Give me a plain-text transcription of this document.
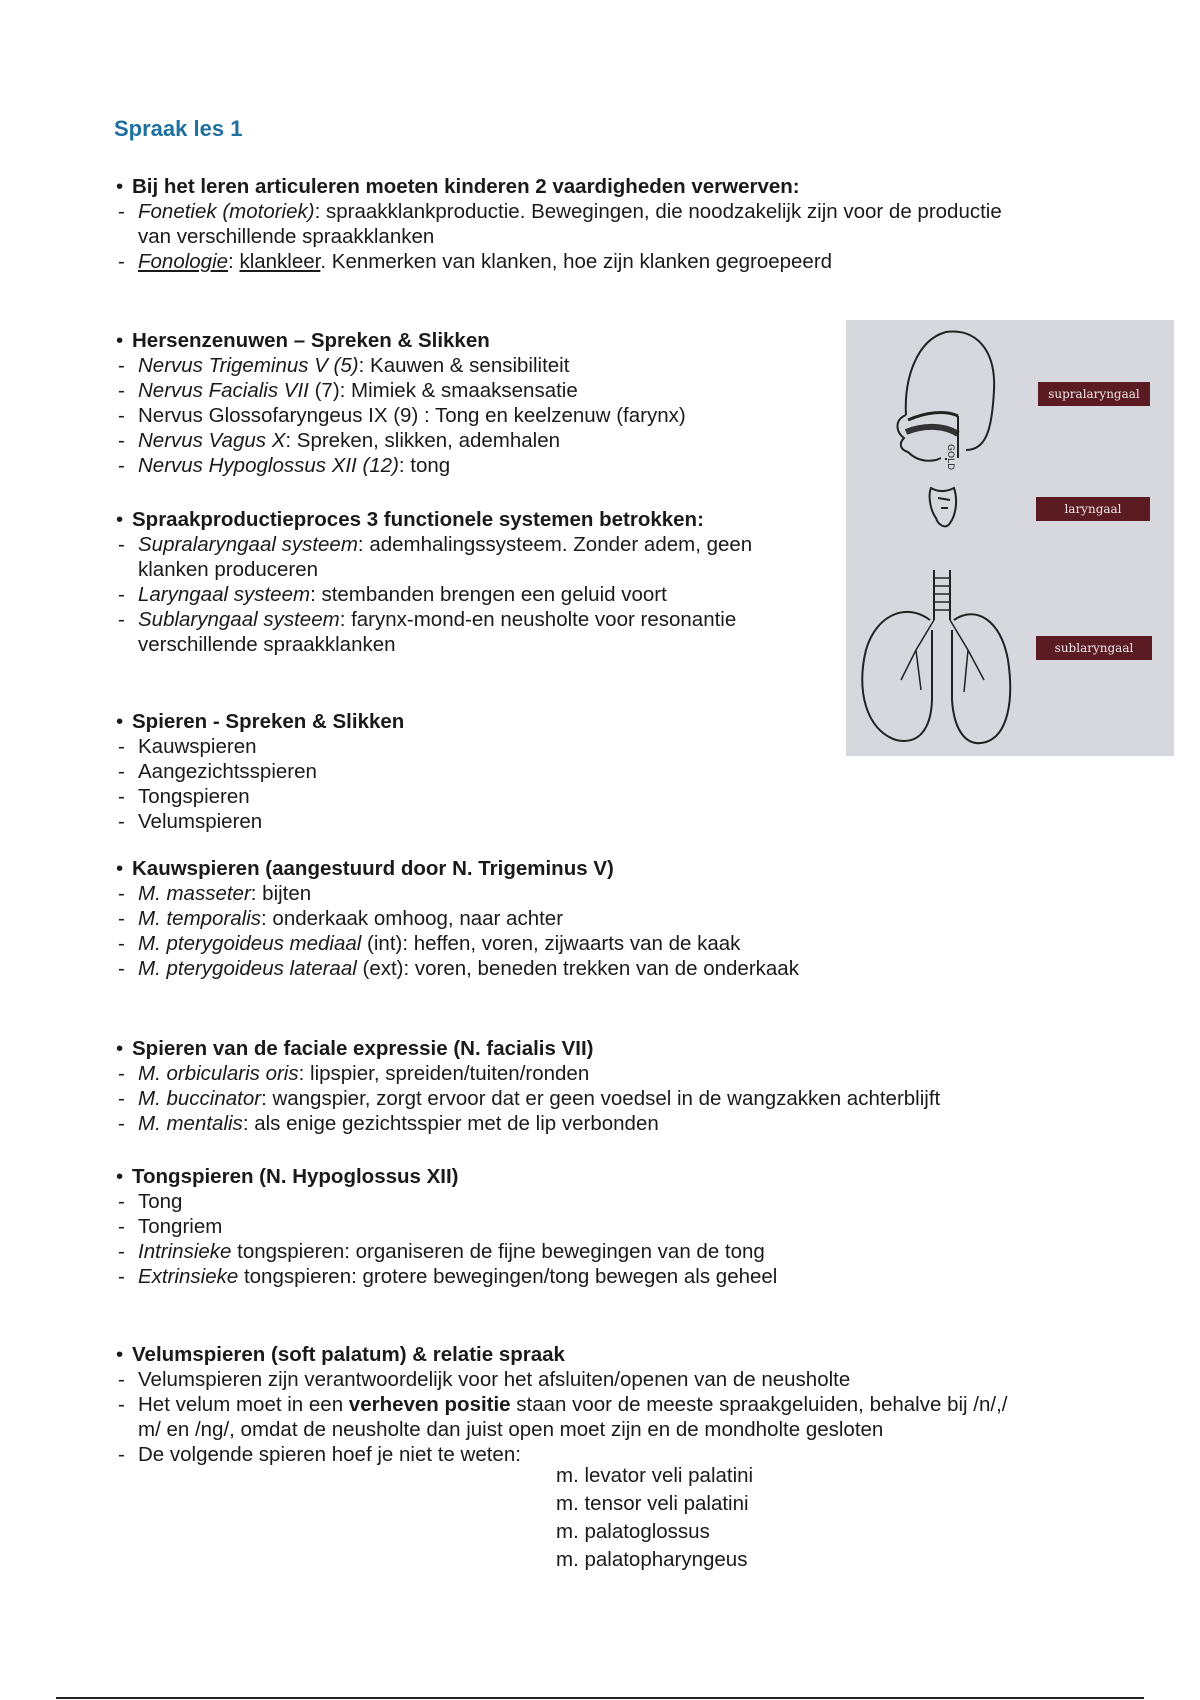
Spraak les 1
• Bij het leren articuleren moeten kinderen 2 vaardigheden verwerven:
- Fonetiek (motoriek): spraakklankproductie. Bewegingen, die noodzakelijk zijn voor de productie
van verschillende spraakklanken
- Fonologie: klankleer. Kenmerken van klanken, hoe zijn klanken gegroepeerd
• Hersenzenuwen – Spreken & Slikken
- Nervus Trigeminus V (5): Kauwen & sensibiliteit
- Nervus Facialis VII (7): Mimiek & smaaksensatie
- Nervus Glossofaryngeus IX (9) : Tong en keelzenuw (farynx)
- Nervus Vagus X: Spreken, slikken, ademhalen
- Nervus Hypoglossus XII (12): tong
• Spraakproductieproces 3 functionele systemen betrokken:
- Supralaryngaal systeem: ademhalingssysteem. Zonder adem, geen
klanken produceren
- Laryngaal systeem: stembanden brengen een geluid voort
- Sublaryngaal systeem: farynx-mond-en neusholte voor resonantie
verschillende spraakklanken
• Spieren - Spreken & Slikken
- Kauwspieren
- Aangezichtsspieren
- Tongspieren
- Velumspieren
• Kauwspieren (aangestuurd door N. Trigeminus V)
- M. masseter: bijten
- M. temporalis: onderkaak omhoog, naar achter
- M. pterygoideus mediaal (int): heffen, voren, zijwaarts van de kaak
- M. pterygoideus lateraal (ext): voren, beneden trekken van de onderkaak
• Spieren van de faciale expressie (N. facialis VII)
- M. orbicularis oris: lipspier, spreiden/tuiten/ronden
- M. buccinator: wangspier, zorgt ervoor dat er geen voedsel in de wangzakken achterblijft
- M. mentalis: als enige gezichtsspier met de lip verbonden
• Tongspieren (N. Hypoglossus XII)
- Tong
- Tongriem
- Intrinsieke tongspieren: organiseren de fijne bewegingen van de tong
- Extrinsieke tongspieren: grotere bewegingen/tong bewegen als geheel
• Velumspieren (soft palatum) & relatie spraak
- Velumspieren zijn verantwoordelijk voor het afsluiten/openen van de neusholte
- Het velum moet in een verheven positie staan voor de meeste spraakgeluiden, behalve bij /n/,/
m/ en /ng/, omdat de neusholte dan juist open moet zijn en de mondholte gesloten
- De volgende spieren hoef je niet te weten:
m. levator veli palatini
m. tensor veli palatini
m. palatoglossus
m. palatopharyngeus
GOLD
supralaryngaal
laryngaal
sublaryngaal
